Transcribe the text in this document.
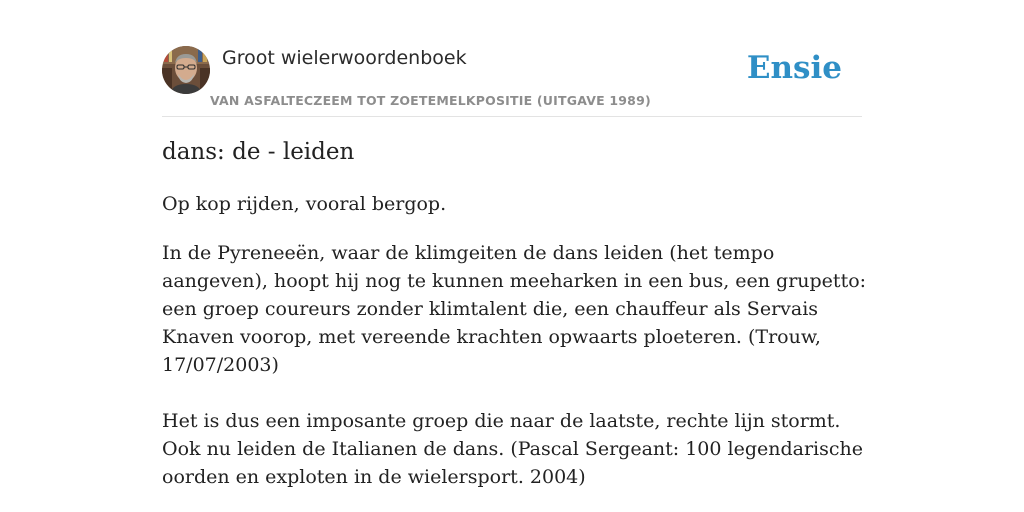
Groot wielerwoordenboek
VAN ASFALTECZEEM TOT ZOETEMELKPOSITIE (UITGAVE 1989)
Ensie
dans: de - leiden

Op kop rijden, vooral bergop.

In de Pyreneeën, waar de klimgeiten de dans leiden (het tempo aangeven), hoopt hij nog te kunnen meeharken in een bus, een grupetto: een groep coureurs zonder klimtalent die, een chauffeur als Servais Knaven voorop, met vereende krachten opwaarts ploeteren. (Trouw, 17/07/2003)

Het is dus een imposante groep die naar de laatste, rechte lijn stormt. Ook nu leiden de Italianen de dans. (Pascal Sergeant: 100 legendarische oorden en exploten in de wielersport. 2004)
